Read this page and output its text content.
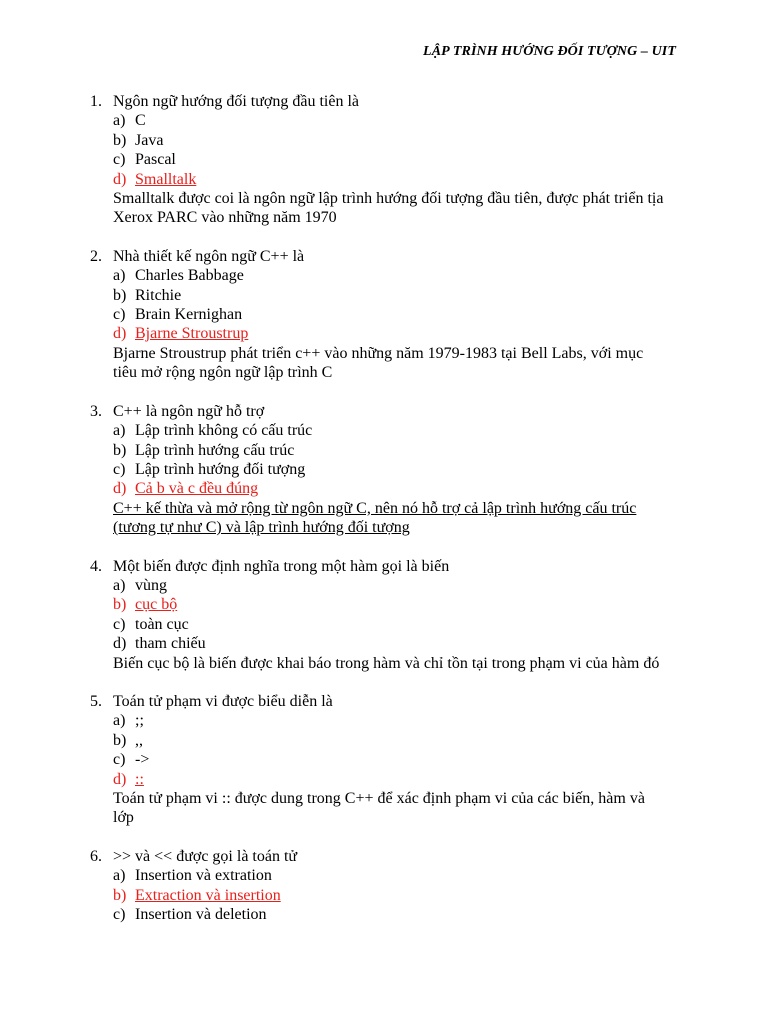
LẬP TRÌNH HƯỚNG ĐỐI TƯỢNG – UIT
1. Ngôn ngữ hướng đối tượng đầu tiên là
a) C
b) Java
c) Pascal
d) Smalltalk
Smalltalk được coi là ngôn ngữ lập trình hướng đối tượng đầu tiên, được phát triển tịa
Xerox PARC vào những năm 1970
2. Nhà thiết kế ngôn ngữ C++ là
a) Charles Babbage
b) Ritchie
c) Brain Kernighan
d) Bjarne Stroustrup
Bjarne Stroustrup phát triển c++ vào những năm 1979-1983 tại Bell Labs, với mục
tiêu mở rộng ngôn ngữ lập trình C
3. C++ là ngôn ngữ hỗ trợ
a) Lập trình không có cấu trúc
b) Lập trình hướng cấu trúc
c) Lập trình hướng đối tượng
d) Cả b và c đều đúng
C++ kế thừa và mở rộng từ ngôn ngữ C, nên nó hỗ trợ cả lập trình hướng cấu trúc
(tương tự như C) và lập trình hướng đối tượng
4. Một biến được định nghĩa trong một hàm gọi là biến
a) vùng
b) cục bộ
c) toàn cục
d) tham chiếu
Biến cục bộ là biến được khai báo trong hàm và chỉ tồn tại trong phạm vi của hàm đó
5. Toán tử phạm vi được biểu diễn là
a) ;;
b) ,,
c) ->
d) ::
Toán tử phạm vi :: được dung trong C++ để xác định phạm vi của các biến, hàm và
lớp
6. >> và << được gọi là toán tử
a) Insertion và extration
b) Extraction và insertion
c) Insertion và deletion
